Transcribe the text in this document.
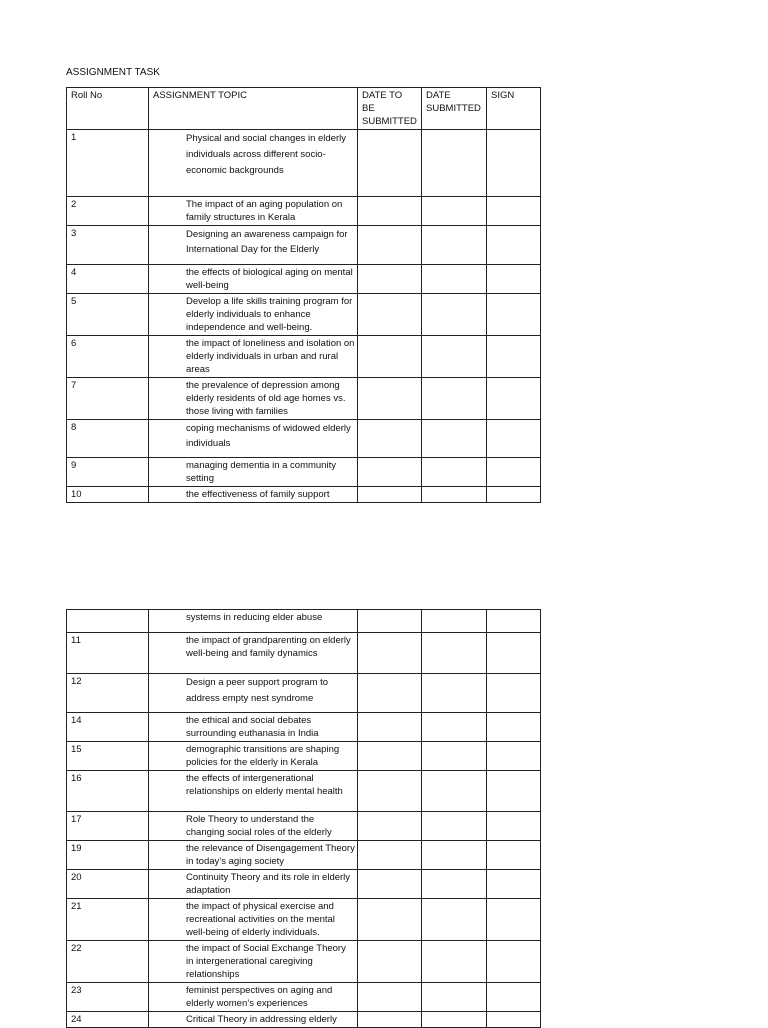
ASSIGNMENT TASK
Roll No	ASSIGNMENT TOPIC	DATE TO BE SUBMITTED	DATE SUBMITTED	SIGN
1	Physical and social changes in elderly individuals across different socio-economic backgrounds			
2	The impact of an aging population on family structures in Kerala			
3	Designing an awareness campaign for International Day for the Elderly			
4	the effects of biological aging on mental well-being			
5	Develop a life skills training program for elderly individuals to enhance independence and well-being.			
6	the impact of loneliness and isolation on elderly individuals in urban and rural areas			
7	the prevalence of depression among elderly residents of old age homes vs. those living with families			
8	coping mechanisms of widowed elderly individuals			
9	managing dementia in a community setting			
10	the effectiveness of family support			
	systems in reducing elder abuse			
11	the impact of grandparenting on elderly well-being and family dynamics			
12	Design a peer support program to address empty nest syndrome			
14	the ethical and social debates surrounding euthanasia in India			
15	demographic transitions are shaping policies for the elderly in Kerala			
16	the effects of intergenerational relationships on elderly mental health			
17	Role Theory to understand the changing social roles of the elderly			
19	the relevance of Disengagement Theory in today’s aging society			
20	Continuity Theory and its role in elderly adaptation			
21	the impact of physical exercise and recreational activities on the mental well-being of elderly individuals.			
22	the impact of Social Exchange Theory in intergenerational caregiving relationships			
23	feminist perspectives on aging and elderly women’s experiences			
24	Critical Theory in addressing elderly			
